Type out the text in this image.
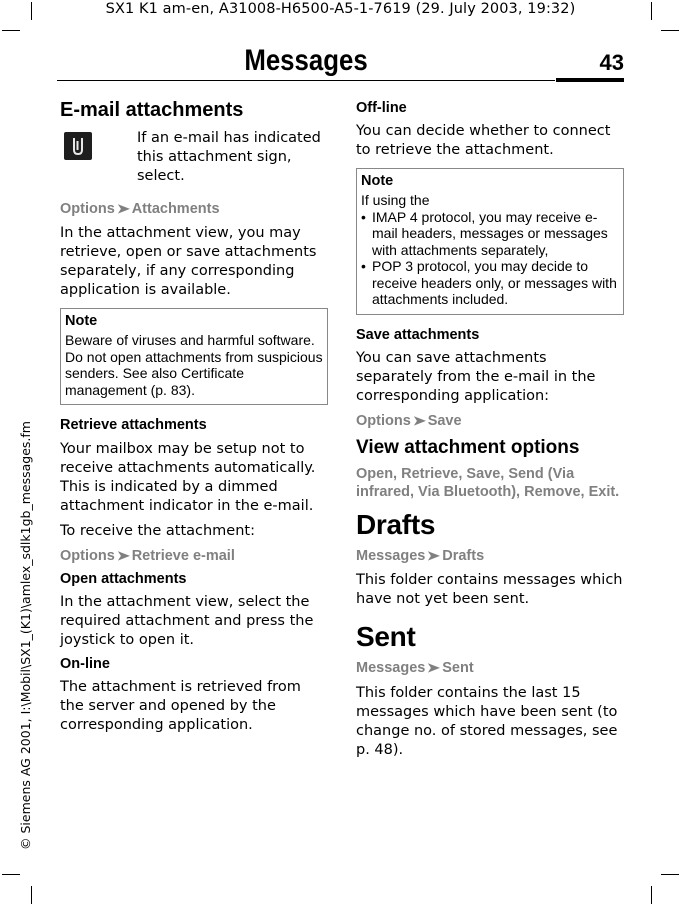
SX1 K1 am-en, A31008-H6500-A5-1-7619 (29. July 2003, 19:32)
© Siemens AG 2001, I:\Mobil\SX1_(K1)\amlex_sdlk1gb_messages.fm
Messages	43
E-mail attachments
If an e-mail has indicated this attachment sign, select.
Options ➤ Attachments
In the attachment view, you may retrieve, open or save attachments separately, if any corresponding application is available.
Note
Beware of viruses and harmful software. Do not open attachments from suspicious senders. See also Certificate management (p. 83).
Retrieve attachments
Your mailbox may be setup not to receive attachments automatically. This is indicated by a dimmed attachment indicator in the e-mail.
To receive the attachment:
Options ➤ Retrieve e-mail
Open attachments
In the attachment view, select the required attachment and press the joystick to open it.
On-line
The attachment is retrieved from the server and opened by the corresponding application.
Off-line
You can decide whether to connect to retrieve the attachment.
Note
If using the
• IMAP 4 protocol, you may receive e-mail headers, messages or messages with attachments separately,
• POP 3 protocol, you may decide to receive headers only, or messages with attachments included.
Save attachments
You can save attachments separately from the e-mail in the corresponding application:
Options ➤ Save
View attachment options
Open, Retrieve, Save, Send (Via infrared, Via Bluetooth), Remove, Exit.
Drafts
Messages ➤ Drafts
This folder contains messages which have not yet been sent.
Sent
Messages ➤ Sent
This folder contains the last 15 messages which have been sent (to change no. of stored messages, see p. 48).
